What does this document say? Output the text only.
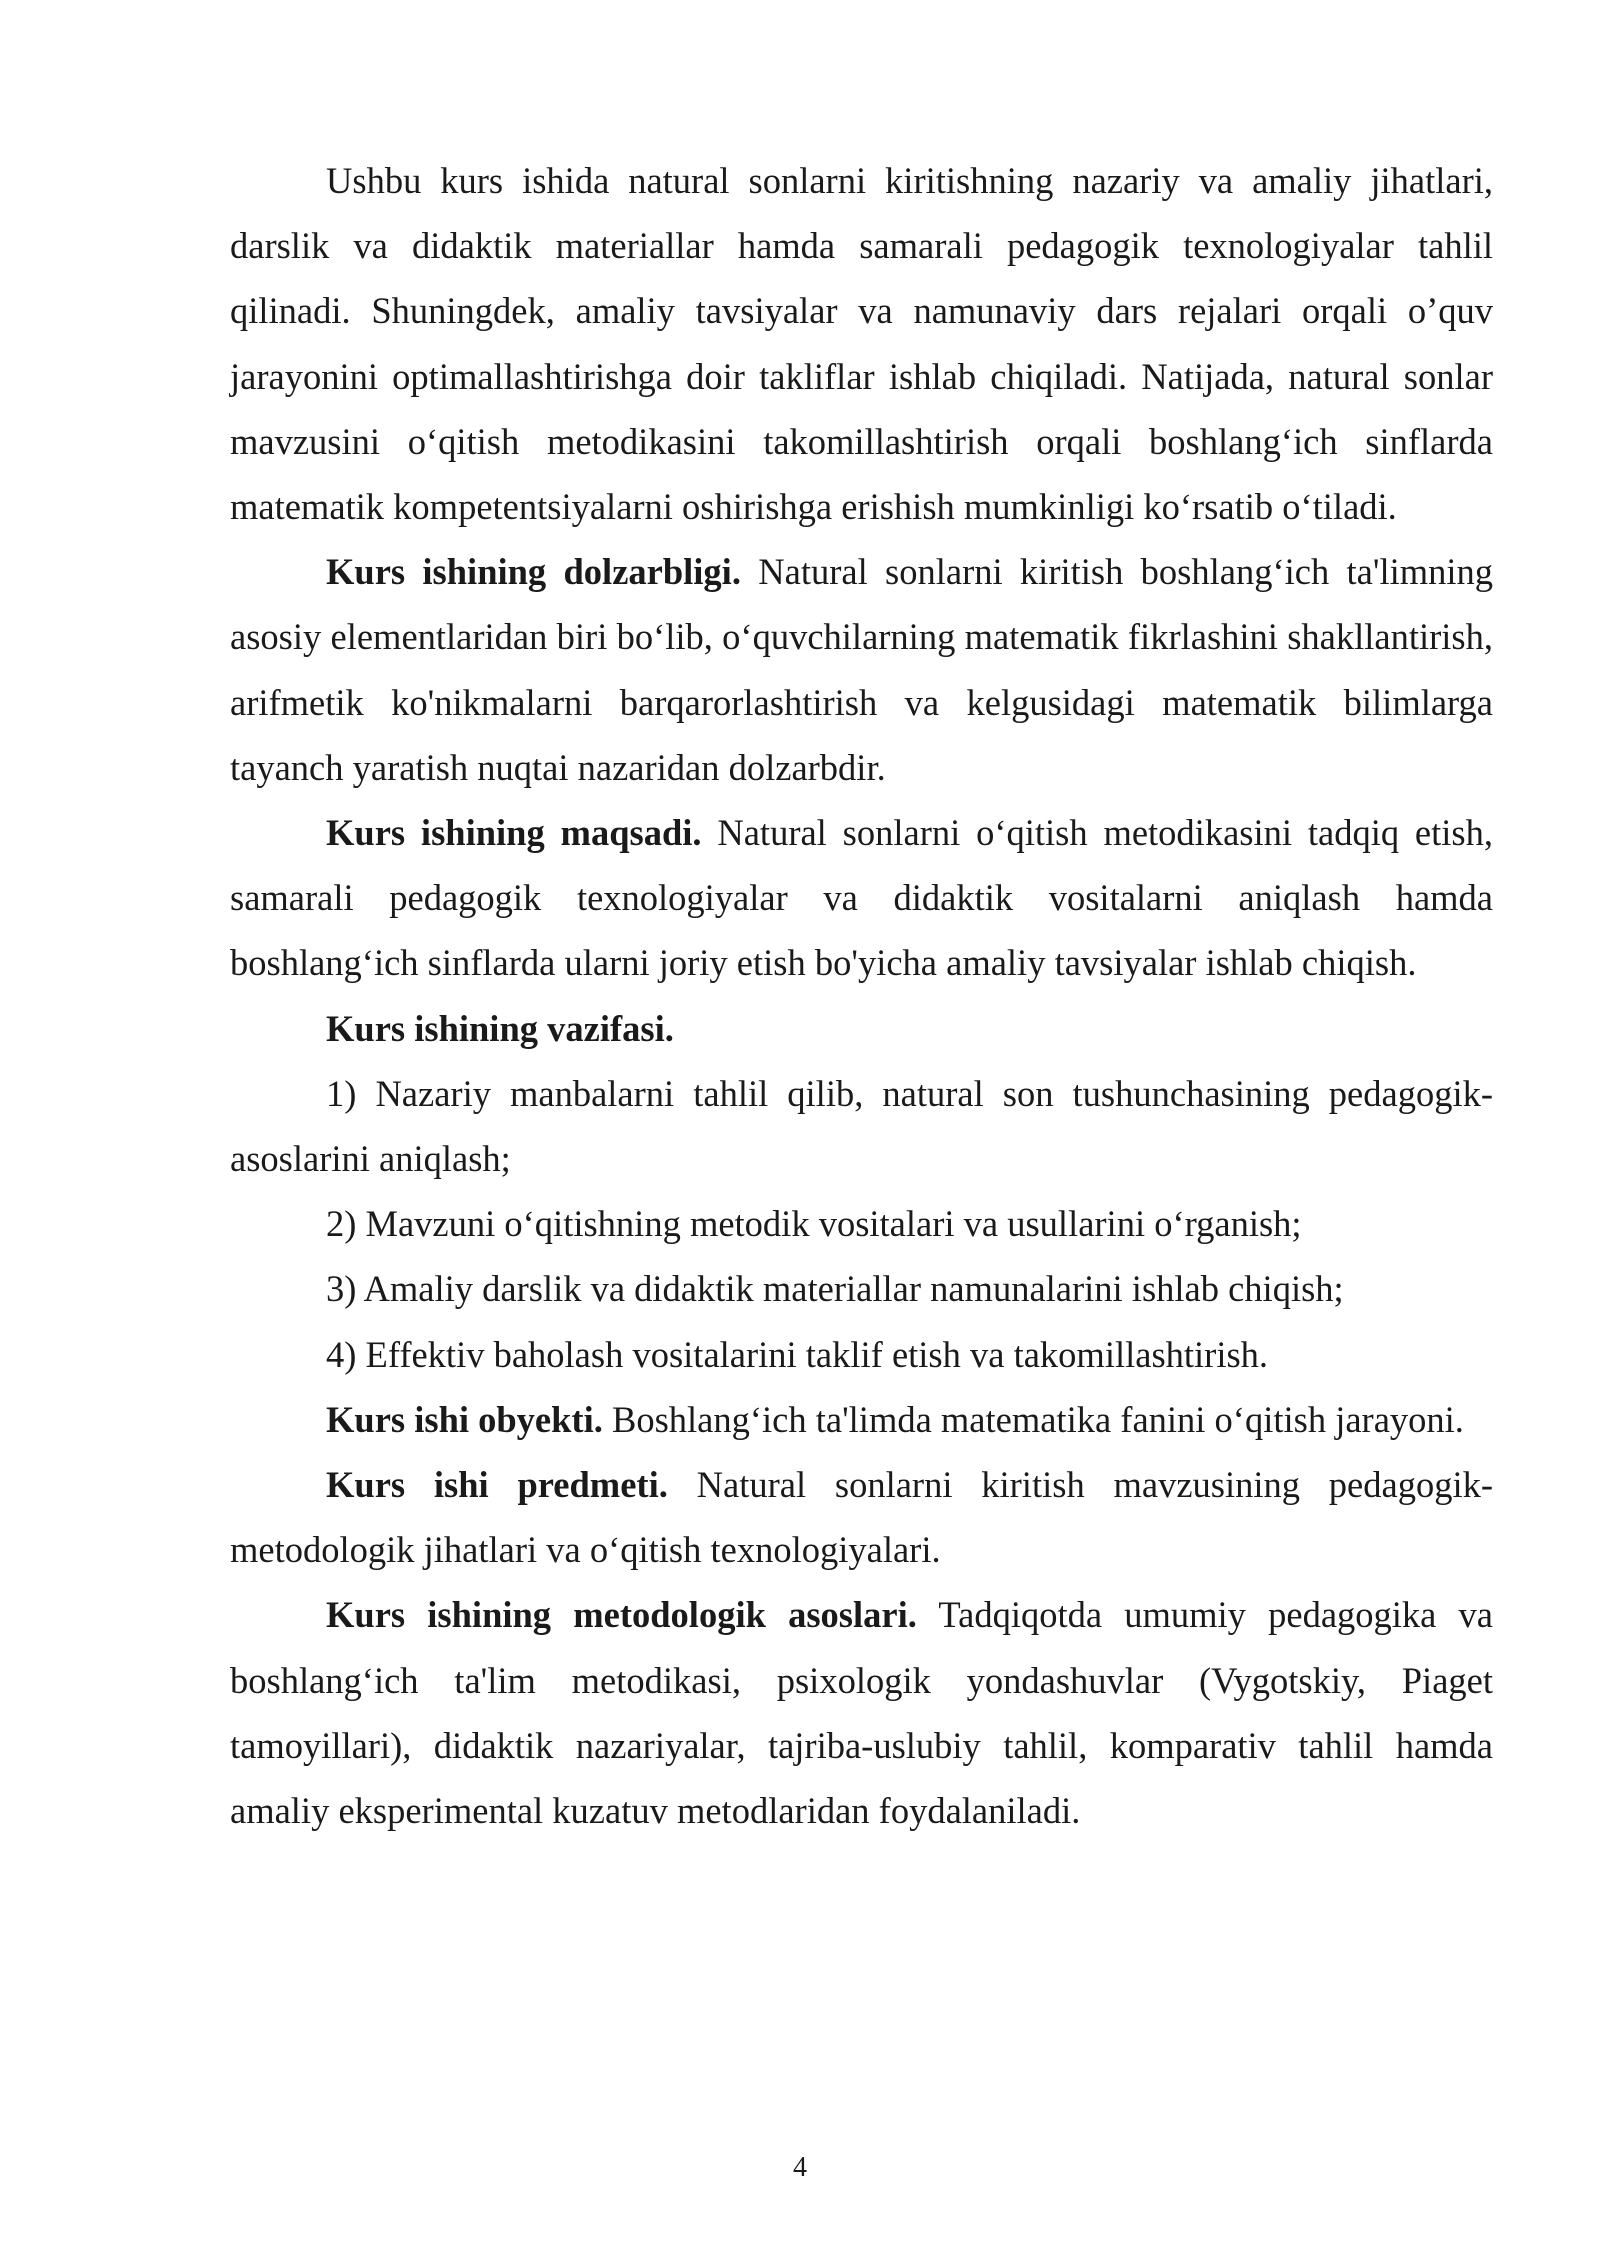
Ushbu kurs ishida natural sonlarni kiritishning nazariy va amaliy jihatlari, darslik va didaktik materiallar hamda samarali pedagogik texnologiyalar tahlil qilinadi. Shuningdek, amaliy tavsiyalar va namunaviy dars rejalari orqali o’quv jarayonini optimallashtirishga doir takliflar ishlab chiqiladi. Natijada, natural sonlar mavzusini o‘qitish metodikasini takomillashtirish orqali boshlang‘ich sinflarda matematik kompetentsiyalarni oshirishga erishish mumkinligi ko‘rsatib o‘tiladi.

Kurs ishining dolzarbligi. Natural sonlarni kiritish boshlang‘ich ta'limning asosiy elementlaridan biri bo‘lib, o‘quvchilarning matematik fikrlashini shakllantirish, arifmetik ko'nikmalarni barqarorlashtirish va kelgusidagi matematik bilimlarga tayanch yaratish nuqtai nazaridan dolzarbdir.

Kurs ishining maqsadi. Natural sonlarni o‘qitish metodikasini tadqiq etish, samarali pedagogik texnologiyalar va didaktik vositalarni aniqlash hamda boshlang‘ich sinflarda ularni joriy etish bo'yicha amaliy tavsiyalar ishlab chiqish.

Kurs ishining vazifasi.

1) Nazariy manbalarni tahlil qilib, natural son tushunchasining pedagogik-asoslarini aniqlash;

2) Mavzuni o‘qitishning metodik vositalari va usullarini o‘rganish;

3) Amaliy darslik va didaktik materiallar namunalarini ishlab chiqish;

4) Effektiv baholash vositalarini taklif etish va takomillashtirish.

Kurs ishi obyekti. Boshlang‘ich ta'limda matematika fanini o‘qitish jarayoni.

Kurs ishi predmeti. Natural sonlarni kiritish mavzusining pedagogik-metodologik jihatlari va o‘qitish texnologiyalari.

Kurs ishining metodologik asoslari. Tadqiqotda umumiy pedagogika va boshlang‘ich ta'lim metodikasi, psixologik yondashuvlar (Vygotskiy, Piaget tamoyillari), didaktik nazariyalar, tajriba-uslubiy tahlil, komparativ tahlil hamda amaliy eksperimental kuzatuv metodlaridan foydalaniladi.

4
